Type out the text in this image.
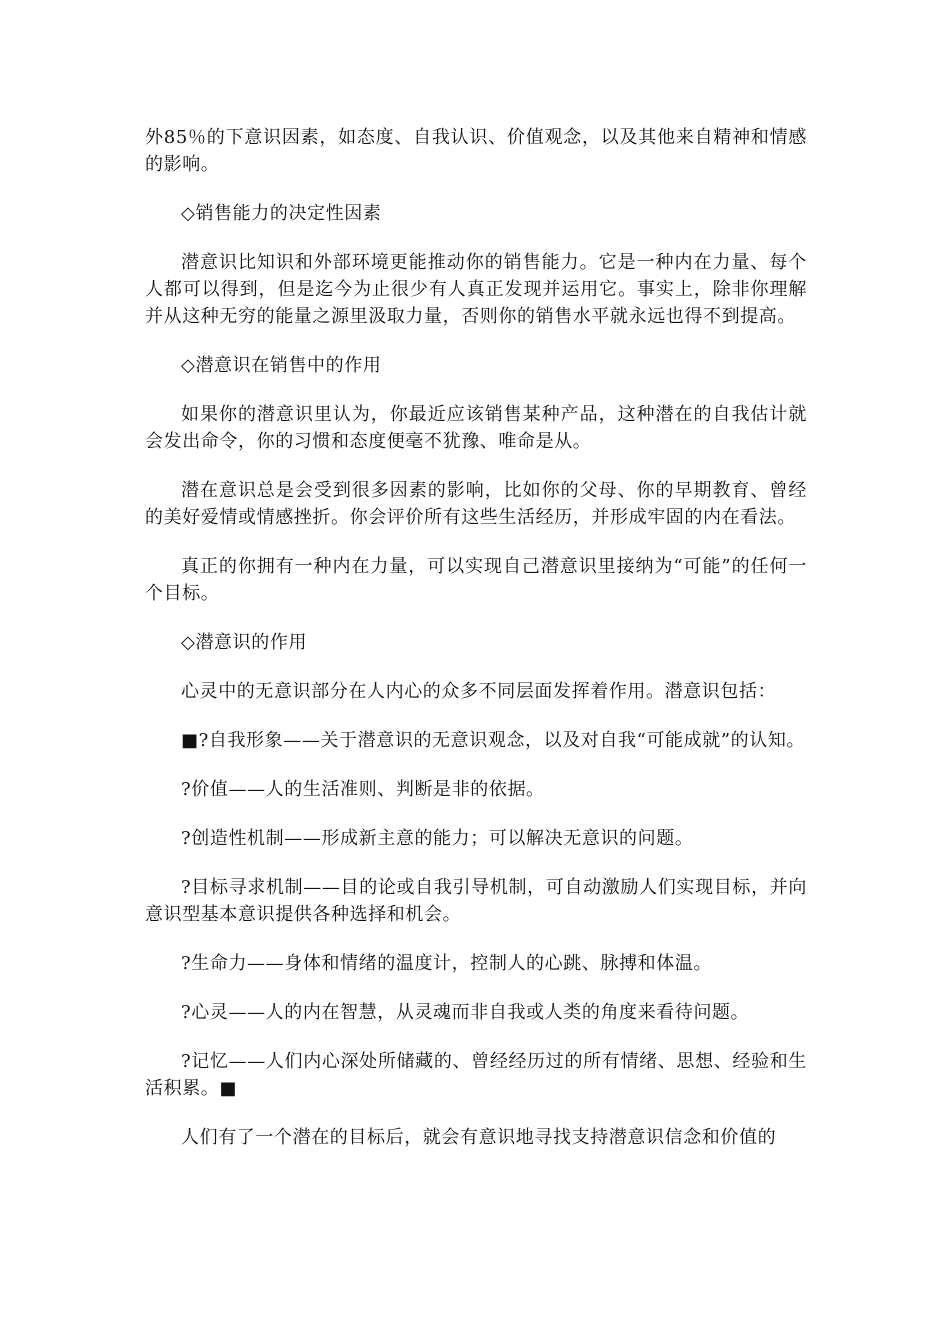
外85％的下意识因素，如态度、自我认识、价值观念，以及其他来自精神和情感的影响。

◇销售能力的决定性因素

潜意识比知识和外部环境更能推动你的销售能力。它是一种内在力量、每个人都可以得到，但是迄今为止很少有人真正发现并运用它。事实上，除非你理解并从这种无穷的能量之源里汲取力量，否则你的销售水平就永远也得不到提高。

◇潜意识在销售中的作用

如果你的潜意识里认为，你最近应该销售某种产品，这种潜在的自我估计就会发出命令，你的习惯和态度便毫不犹豫、唯命是从。

潜在意识总是会受到很多因素的影响，比如你的父母、你的早期教育、曾经的美好爱情或情感挫折。你会评价所有这些生活经历，并形成牢固的内在看法。

真正的你拥有一种内在力量，可以实现自己潜意识里接纳为“可能”的任何一个目标。

◇潜意识的作用

心灵中的无意识部分在人内心的众多不同层面发挥着作用。潜意识包括：

■?自我形象——关于潜意识的无意识观念，以及对自我“可能成就”的认知。

?价值——人的生活准则、判断是非的依据。

?创造性机制——形成新主意的能力；可以解决无意识的问题。

?目标寻求机制——目的论或自我引导机制，可自动激励人们实现目标，并向意识型基本意识提供各种选择和机会。

?生命力——身体和情绪的温度计，控制人的心跳、脉搏和体温。

?心灵——人的内在智慧，从灵魂而非自我或人类的角度来看待问题。

?记忆——人们内心深处所储藏的、曾经经历过的所有情绪、思想、经验和生活积累。■

人们有了一个潜在的目标后，就会有意识地寻找支持潜意识信念和价值的
